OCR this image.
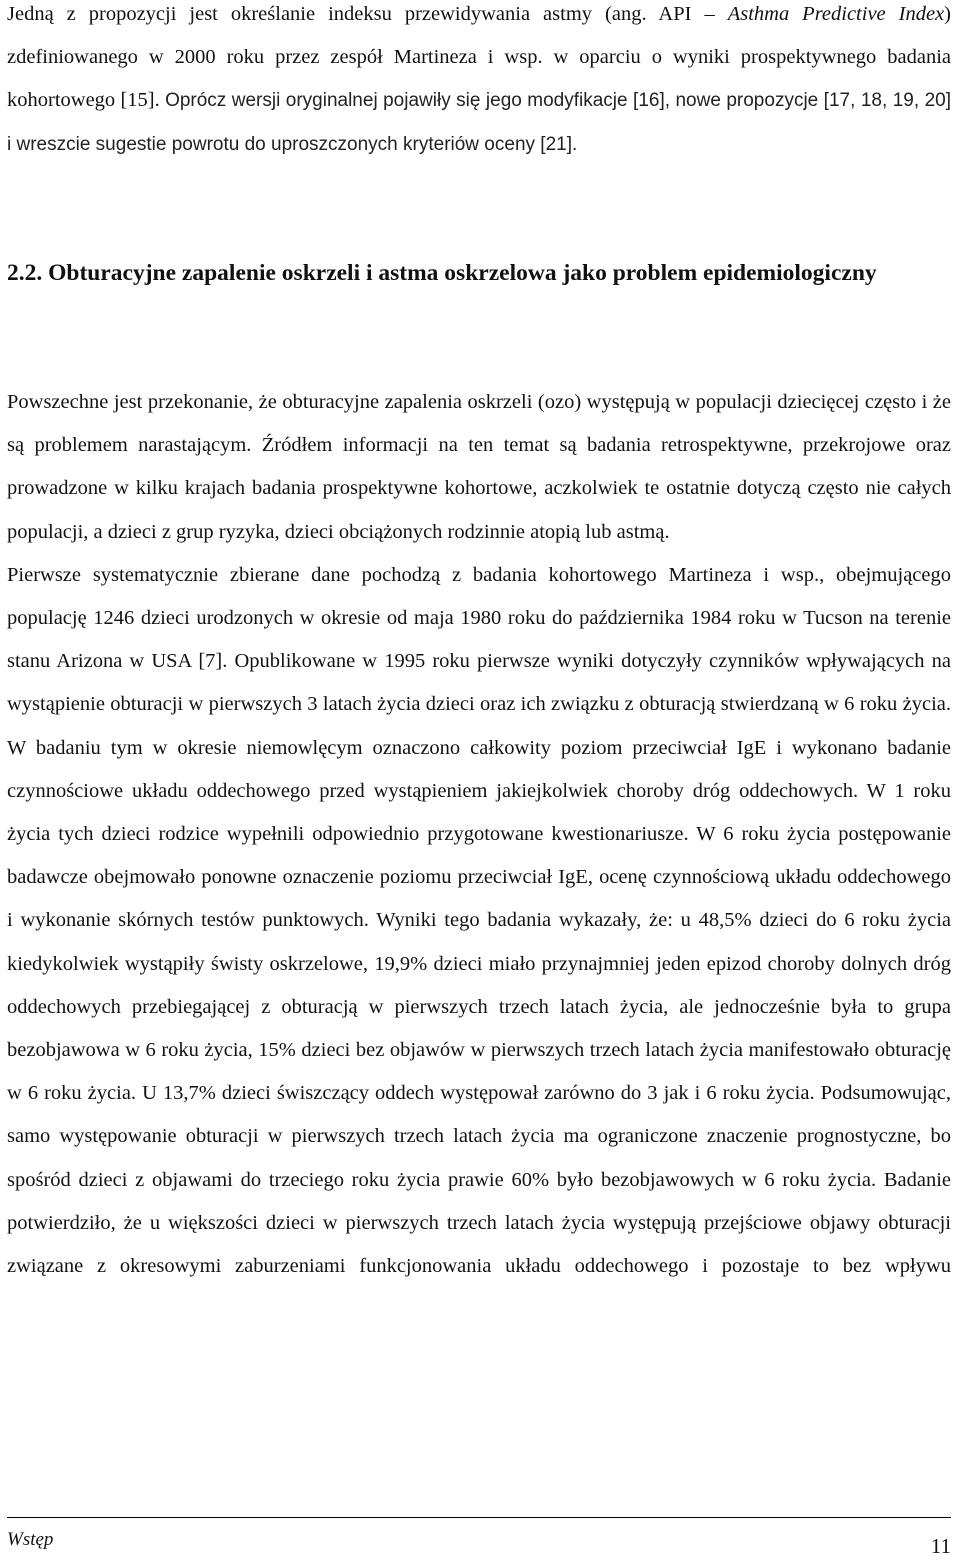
Jedną z propozycji jest określanie indeksu przewidywania astmy (ang. API – Asthma Predictive Index) zdefiniowanego w 2000 roku przez zespół Martineza i wsp. w oparciu o wyniki prospektywnego badania kohortowego [15]. Oprócz wersji oryginalnej pojawiły się jego modyfikacje [16], nowe propozycje [17, 18, 19, 20] i wreszcie sugestie powrotu do uproszczonych kryteriów oceny [21].

2.2. Obturacyjne zapalenie oskrzeli i astma oskrzelowa jako problem epidemiologiczny

Powszechne jest przekonanie, że obturacyjne zapalenia oskrzeli (ozo) występują w populacji dziecięcej często i że są problemem narastającym. Źródłem informacji na ten temat są badania retrospektywne, przekrojowe oraz prowadzone w kilku krajach badania prospektywne kohortowe, aczkolwiek te ostatnie dotyczą często nie całych populacji, a dzieci z grup ryzyka, dzieci obciążonych rodzinnie atopią lub astmą.

Pierwsze systematycznie zbierane dane pochodzą z badania kohortowego Martineza i wsp., obejmującego populację 1246 dzieci urodzonych w okresie od maja 1980 roku do października 1984 roku w Tucson na terenie stanu Arizona w USA [7]. Opublikowane w 1995 roku pierwsze wyniki dotyczyły czynników wpływających na wystąpienie obturacji w pierwszych 3 latach życia dzieci oraz ich związku z obturacją stwierdzaną w 6 roku życia. W badaniu tym w okresie niemowlęcym oznaczono całkowity poziom przeciwciał IgE i wykonano badanie czynnościowe układu oddechowego przed wystąpieniem jakiejkolwiek choroby dróg oddechowych. W 1 roku życia tych dzieci rodzice wypełnili odpowiednio przygotowane kwestionariusze. W 6 roku życia postępowanie badawcze obejmowało ponowne oznaczenie poziomu przeciwciał IgE, ocenę czynnościową układu oddechowego i wykonanie skórnych testów punktowych. Wyniki tego badania wykazały, że: u 48,5% dzieci do 6 roku życia kiedykolwiek wystąpiły świsty oskrzelowe, 19,9% dzieci miało przynajmniej jeden epizod choroby dolnych dróg oddechowych przebiegającej z obturacją w pierwszych trzech latach życia, ale jednocześnie była to grupa bezobjawowa w 6 roku życia, 15% dzieci bez objawów w pierwszych trzech latach życia manifestowało obturację w 6 roku życia. U 13,7% dzieci świszczący oddech występował zarówno do 3 jak i 6 roku życia. Podsumowując, samo występowanie obturacji w pierwszych trzech latach życia ma ograniczone znaczenie prognostyczne, bo spośród dzieci z objawami do trzeciego roku życia prawie 60% było bezobjawowych w 6 roku życia. Badanie potwierdziło, że u większości dzieci w pierwszych trzech latach życia występują przejściowe objawy obturacji związane z okresowymi zaburzeniami funkcjonowania układu oddechowego i pozostaje to bez wpływu

Wstęp	11
